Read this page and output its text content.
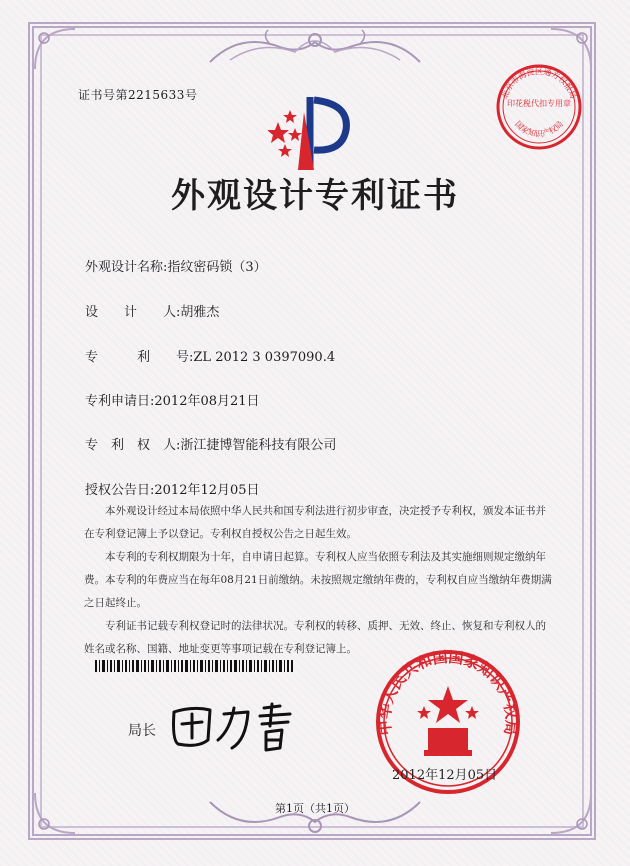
证书号第2215633号	北京市海淀区通方权报局
印花税代扣专用章
国家知识产权局
外观设计专利证书
外观设计名称:指纹密码锁（3）
设　　计　　人:胡雅杰
专　　　利　　号:ZL 2012 3 0397090.4
专利申请日:2012年08月21日
专　利　权　人:浙江捷博智能科技有限公司
授权公告日:2012年12月05日

本外观设计经过本局依照中华人民共和国专利法进行初步审查，决定授予专利权，颁发本证书并在专利登记簿上予以登记。专利权自授权公告之日起生效。

本专利的专利权期限为十年，自申请日起算。专利权人应当依照专利法及其实施细则规定缴纳年费。本专利的年费应当在每年08月21日前缴纳。未按照规定缴纳年费的，专利权自应当缴纳年费期满之日起终止。

专利证书记载专利权登记时的法律状况。专利权的转移、质押、无效、终止、恢复和专利权人的姓名或名称、国籍、地址变更等事项记载在专利登记簿上。

局长	中华人民共和国国家知识产权局
2012年12月05日
第1页（共1页）
